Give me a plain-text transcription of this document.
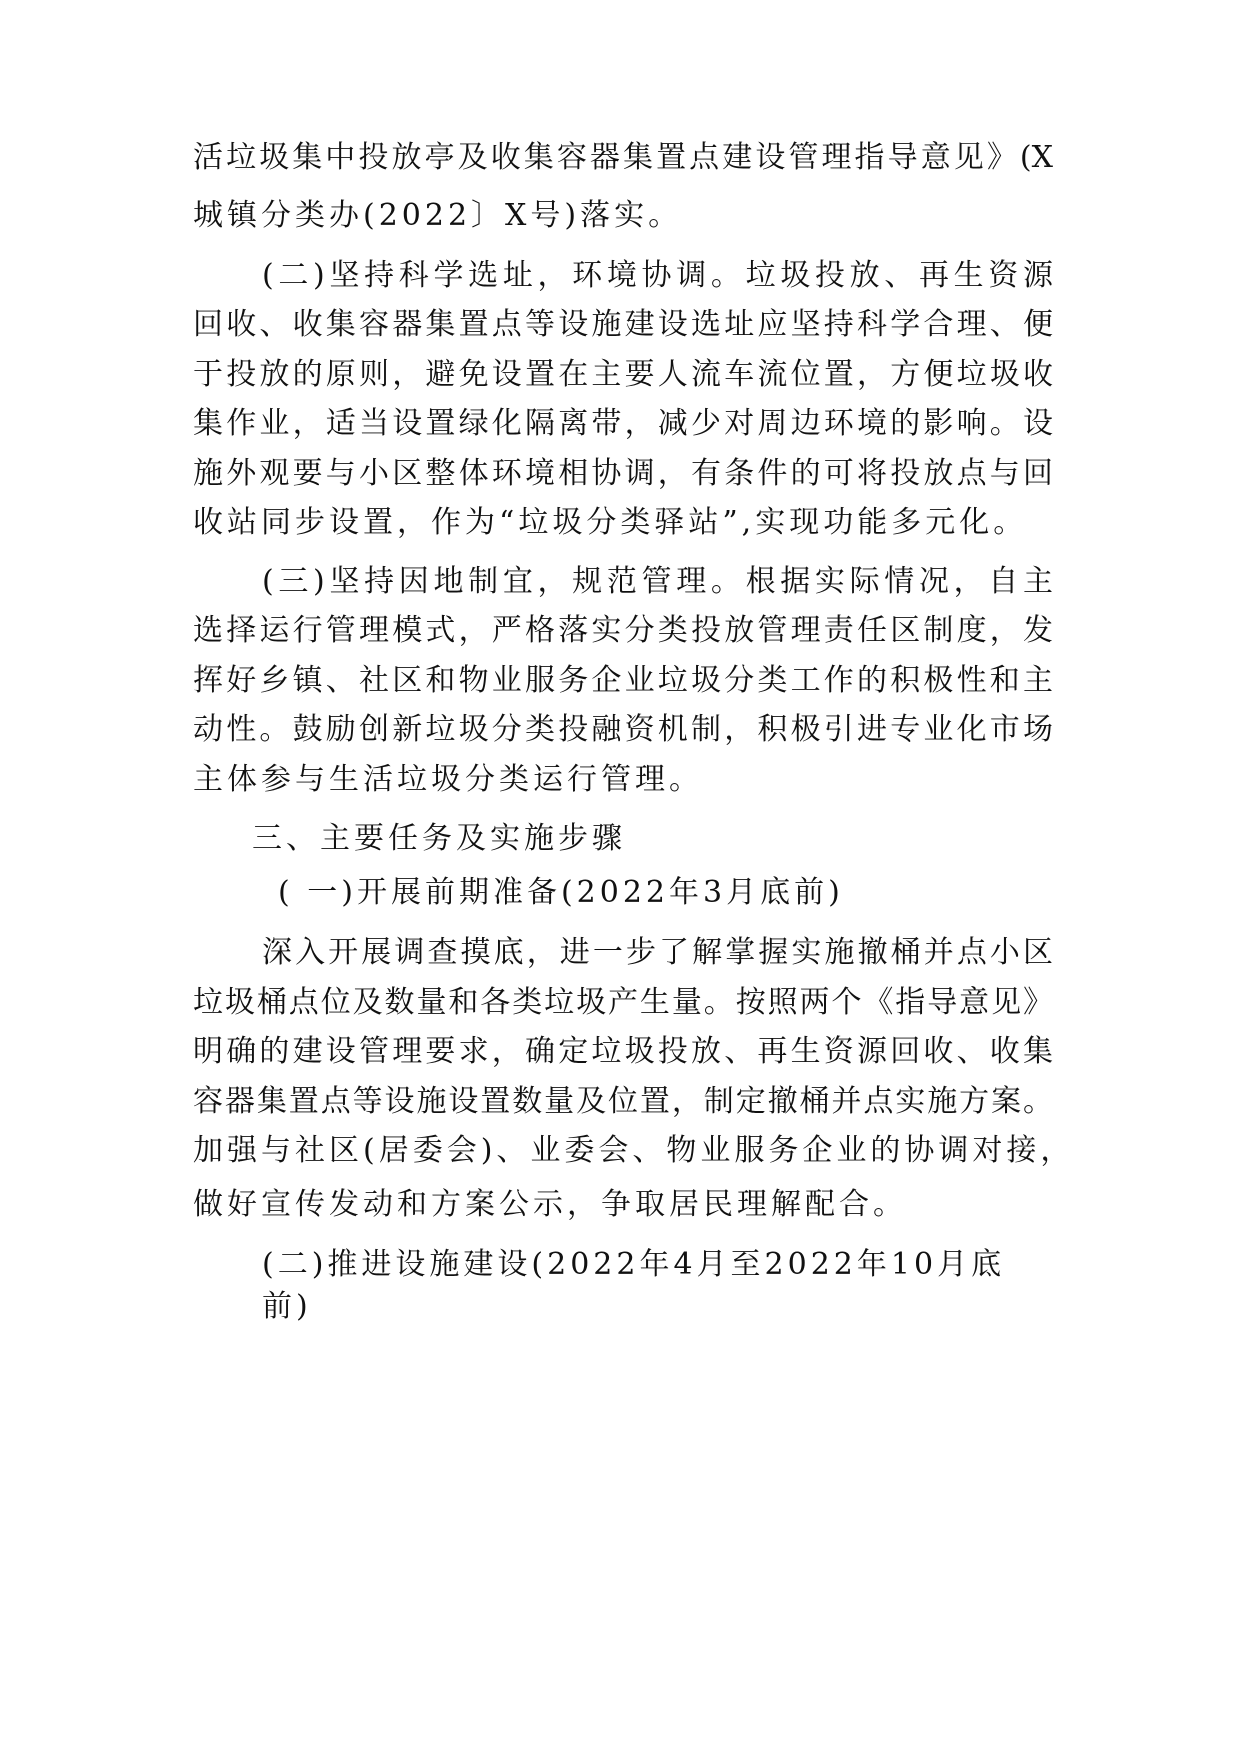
活垃圾集中投放亭及收集容器集置点建设管理指导意见》(X
城镇分类办(2022〕X号)落实。
(二)坚持科学选址，环境协调。垃圾投放、再生资源
回收、收集容器集置点等设施建设选址应坚持科学合理、便
于投放的原则，避免设置在主要人流车流位置，方便垃圾收
集作业，适当设置绿化隔离带，减少对周边环境的影响。设
施外观要与小区整体环境相协调，有条件的可将投放点与回
收站同步设置，作为“垃圾分类驿站”,实现功能多元化。
(三)坚持因地制宜，规范管理。根据实际情况，自主
选择运行管理模式，严格落实分类投放管理责任区制度，发
挥好乡镇、社区和物业服务企业垃圾分类工作的积极性和主
动性。鼓励创新垃圾分类投融资机制，积极引进专业化市场
主体参与生活垃圾分类运行管理。
三、主要任务及实施步骤
( 一)开展前期准备(2022年3月底前)
深入开展调查摸底，进一步了解掌握实施撤桶并点小区
垃圾桶点位及数量和各类垃圾产生量。按照两个《指导意见》
明确的建设管理要求，确定垃圾投放、再生资源回收、收集
容器集置点等设施设置数量及位置，制定撤桶并点实施方案。
加强与社区(居委会)、业委会、物业服务企业的协调对接，
做好宣传发动和方案公示，争取居民理解配合。
(二)推进设施建设(2022年4月至2022年10月底
前)
